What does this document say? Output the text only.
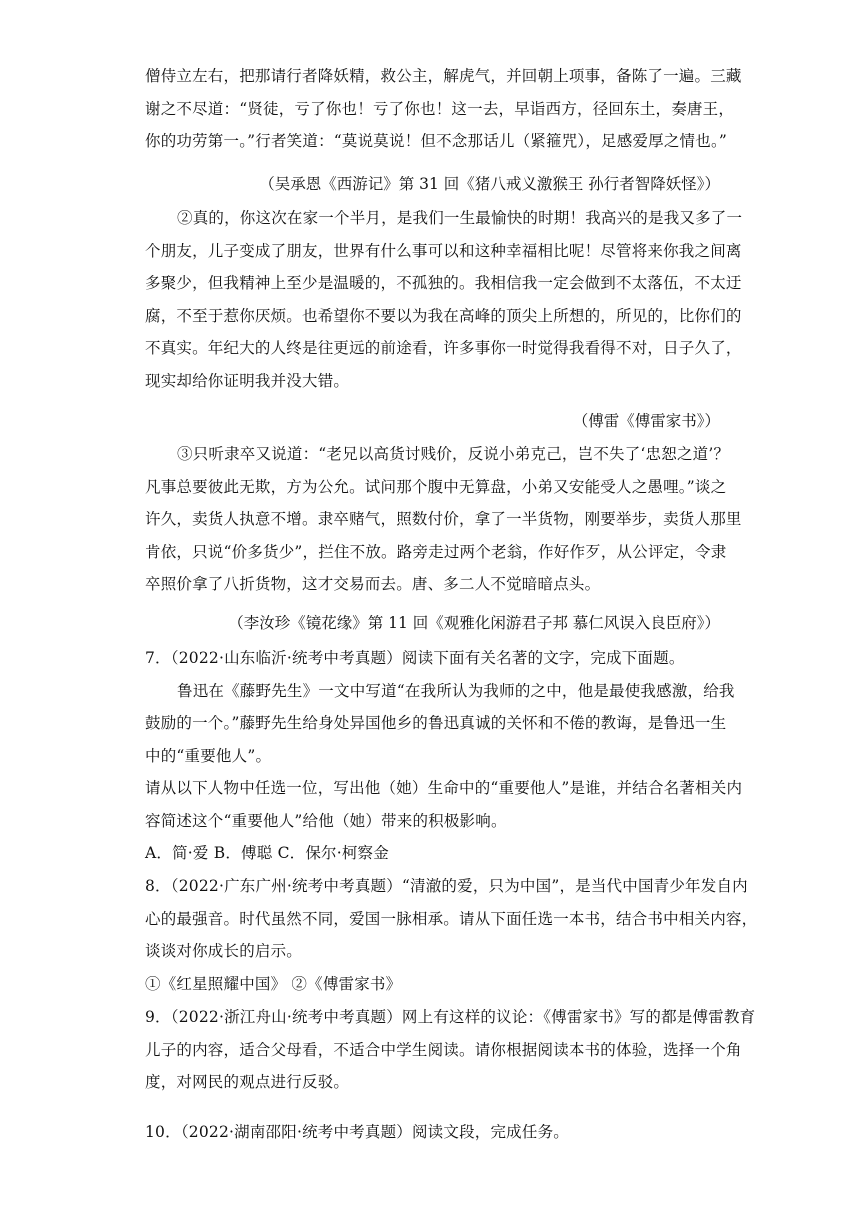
僧侍立左右，把那请行者降妖精，救公主，解虎气，并回朝上项事，备陈了一遍。三藏
谢之不尽道：“贤徒，亏了你也！亏了你也！这一去，早诣西方，径回东土，奏唐王，
你的功劳第一。”行者笑道：“莫说莫说！但不念那话儿（紧箍咒），足感爱厚之情也。”
（吴承恩《西游记》第 31 回《猪八戒义激猴王 孙行者智降妖怪》）
②真的，你这次在家一个半月，是我们一生最愉快的时期！我高兴的是我又多了一
个朋友，儿子变成了朋友，世界有什么事可以和这种幸福相比呢！尽管将来你我之间离
多聚少，但我精神上至少是温暖的，不孤独的。我相信我一定会做到不太落伍，不太迂
腐，不至于惹你厌烦。也希望你不要以为我在高峰的顶尖上所想的，所见的，比你们的
不真实。年纪大的人终是往更远的前途看，许多事你一时觉得我看得不对，日子久了，
现实却给你证明我并没大错。
（傅雷《傅雷家书》）
③只听隶卒又说道：“老兄以高货讨贱价，反说小弟克己，岂不失了‘忠恕之道’？
凡事总要彼此无欺，方为公允。试问那个腹中无算盘，小弟又安能受人之愚哩。”谈之
许久，卖货人执意不增。隶卒赌气，照数付价，拿了一半货物，刚要举步，卖货人那里
肯依，只说“价多货少”，拦住不放。路旁走过两个老翁，作好作歹，从公评定，令隶
卒照价拿了八折货物，这才交易而去。唐、多二人不觉暗暗点头。
（李汝珍《镜花缘》第 11 回《观雅化闲游君子邦 慕仁风误入良臣府》）
7．（2022·山东临沂·统考中考真题）阅读下面有关名著的文字，完成下面题。
鲁迅在《藤野先生》一文中写道“在我所认为我师的之中，他是最使我感激，给我
鼓励的一个。”藤野先生给身处异国他乡的鲁迅真诚的关怀和不倦的教诲，是鲁迅一生
中的“重要他人”。
请从以下人物中任选一位，写出他（她）生命中的“重要他人”是谁，并结合名著相关内
容简述这个“重要他人”给他（她）带来的积极影响。
A．简·爱 B．傅聪 C．保尔·柯察金
8．（2022·广东广州·统考中考真题）“清澈的爱，只为中国”，是当代中国青少年发自内
心的最强音。时代虽然不同，爱国一脉相承。请从下面任选一本书，结合书中相关内容，
谈谈对你成长的启示。
①《红星照耀中国》 ②《傅雷家书》
9．（2022·浙江舟山·统考中考真题）网上有这样的议论：《傅雷家书》写的都是傅雷教育
儿子的内容，适合父母看，不适合中学生阅读。请你根据阅读本书的体验，选择一个角
度，对网民的观点进行反驳。
10．（2022·湖南邵阳·统考中考真题）阅读文段，完成任务。
